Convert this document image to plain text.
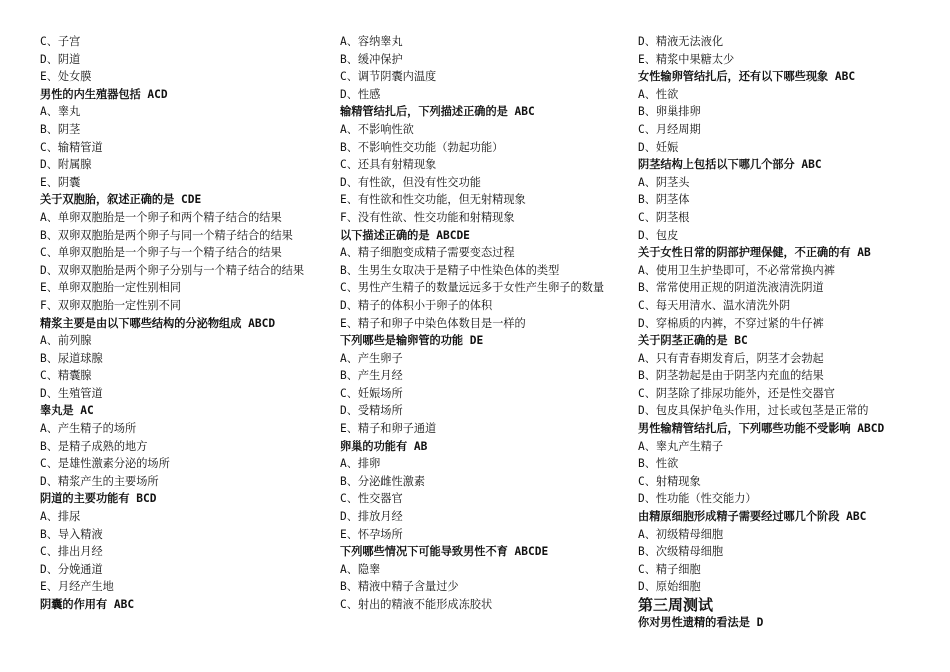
C、子宫
D、阴道
E、处女膜
男性的内生殖器包括 ACD
A、睾丸
B、阴茎
C、输精管道
D、附属腺
E、阴囊
关于双胞胎，叙述正确的是 CDE
A、单卵双胞胎是一个卵子和两个精子结合的结果
B、双卵双胞胎是两个卵子与同一个精子结合的结果
C、单卵双胞胎是一个卵子与一个精子结合的结果
D、双卵双胞胎是两个卵子分别与一个精子结合的结果
E、单卵双胞胎一定性别相同
F、双卵双胞胎一定性别不同
精浆主要是由以下哪些结构的分泌物组成 ABCD
A、前列腺
B、尿道球腺
C、精囊腺
D、生殖管道
睾丸是 AC
A、产生精子的场所
B、是精子成熟的地方
C、是雄性激素分泌的场所
D、精浆产生的主要场所
阴道的主要功能有 BCD
A、排尿
B、导入精液
C、排出月经
D、分娩通道
E、月经产生地
阴囊的作用有 ABC
A、容纳睾丸
B、缓冲保护
C、调节阴囊内温度
D、性感
输精管结扎后，下列描述正确的是 ABC
A、不影响性欲
B、不影响性交功能（勃起功能）
C、还具有射精现象
D、有性欲，但没有性交功能
E、有性欲和性交功能，但无射精现象
F、没有性欲、性交功能和射精现象
以下描述正确的是 ABCDE
A、精子细胞变成精子需要变态过程
B、生男生女取决于是精子中性染色体的类型
C、男性产生精子的数量远远多于女性产生卵子的数量
D、精子的体积小于卵子的体积
E、精子和卵子中染色体数目是一样的
下列哪些是输卵管的功能 DE
A、产生卵子
B、产生月经
C、妊娠场所
D、受精场所
E、精子和卵子通道
卵巢的功能有 AB
A、排卵
B、分泌雌性激素
C、性交器官
D、排放月经
E、怀孕场所
下列哪些情况下可能导致男性不育 ABCDE
A、隐睾
B、精液中精子含量过少
C、射出的精液不能形成冻胶状
D、精液无法液化
E、精浆中果糖太少
女性输卵管结扎后，还有以下哪些现象 ABC
A、性欲
B、卵巢排卵
C、月经周期
D、妊娠
阴茎结构上包括以下哪几个部分 ABC
A、阴茎头
B、阴茎体
C、阴茎根
D、包皮
关于女性日常的阴部护理保健，不正确的有 AB
A、使用卫生护垫即可，不必常常换内裤
B、常常使用正规的阴道洗液清洗阴道
C、每天用清水、温水清洗外阴
D、穿棉质的内裤，不穿过紧的牛仔裤
关于阴茎正确的是 BC
A、只有青春期发育后，阴茎才会勃起
B、阴茎勃起是由于阴茎内充血的结果
C、阴茎除了排尿功能外，还是性交器官
D、包皮具保护龟头作用，过长或包茎是正常的
男性输精管结扎后，下列哪些功能不受影响 ABCD
A、睾丸产生精子
B、性欲
C、射精现象
D、性功能（性交能力）
由精原细胞形成精子需要经过哪几个阶段 ABC
A、初级精母细胞
B、次级精母细胞
C、精子细胞
D、原始细胞
第三周测试
你对男性遗精的看法是 D
